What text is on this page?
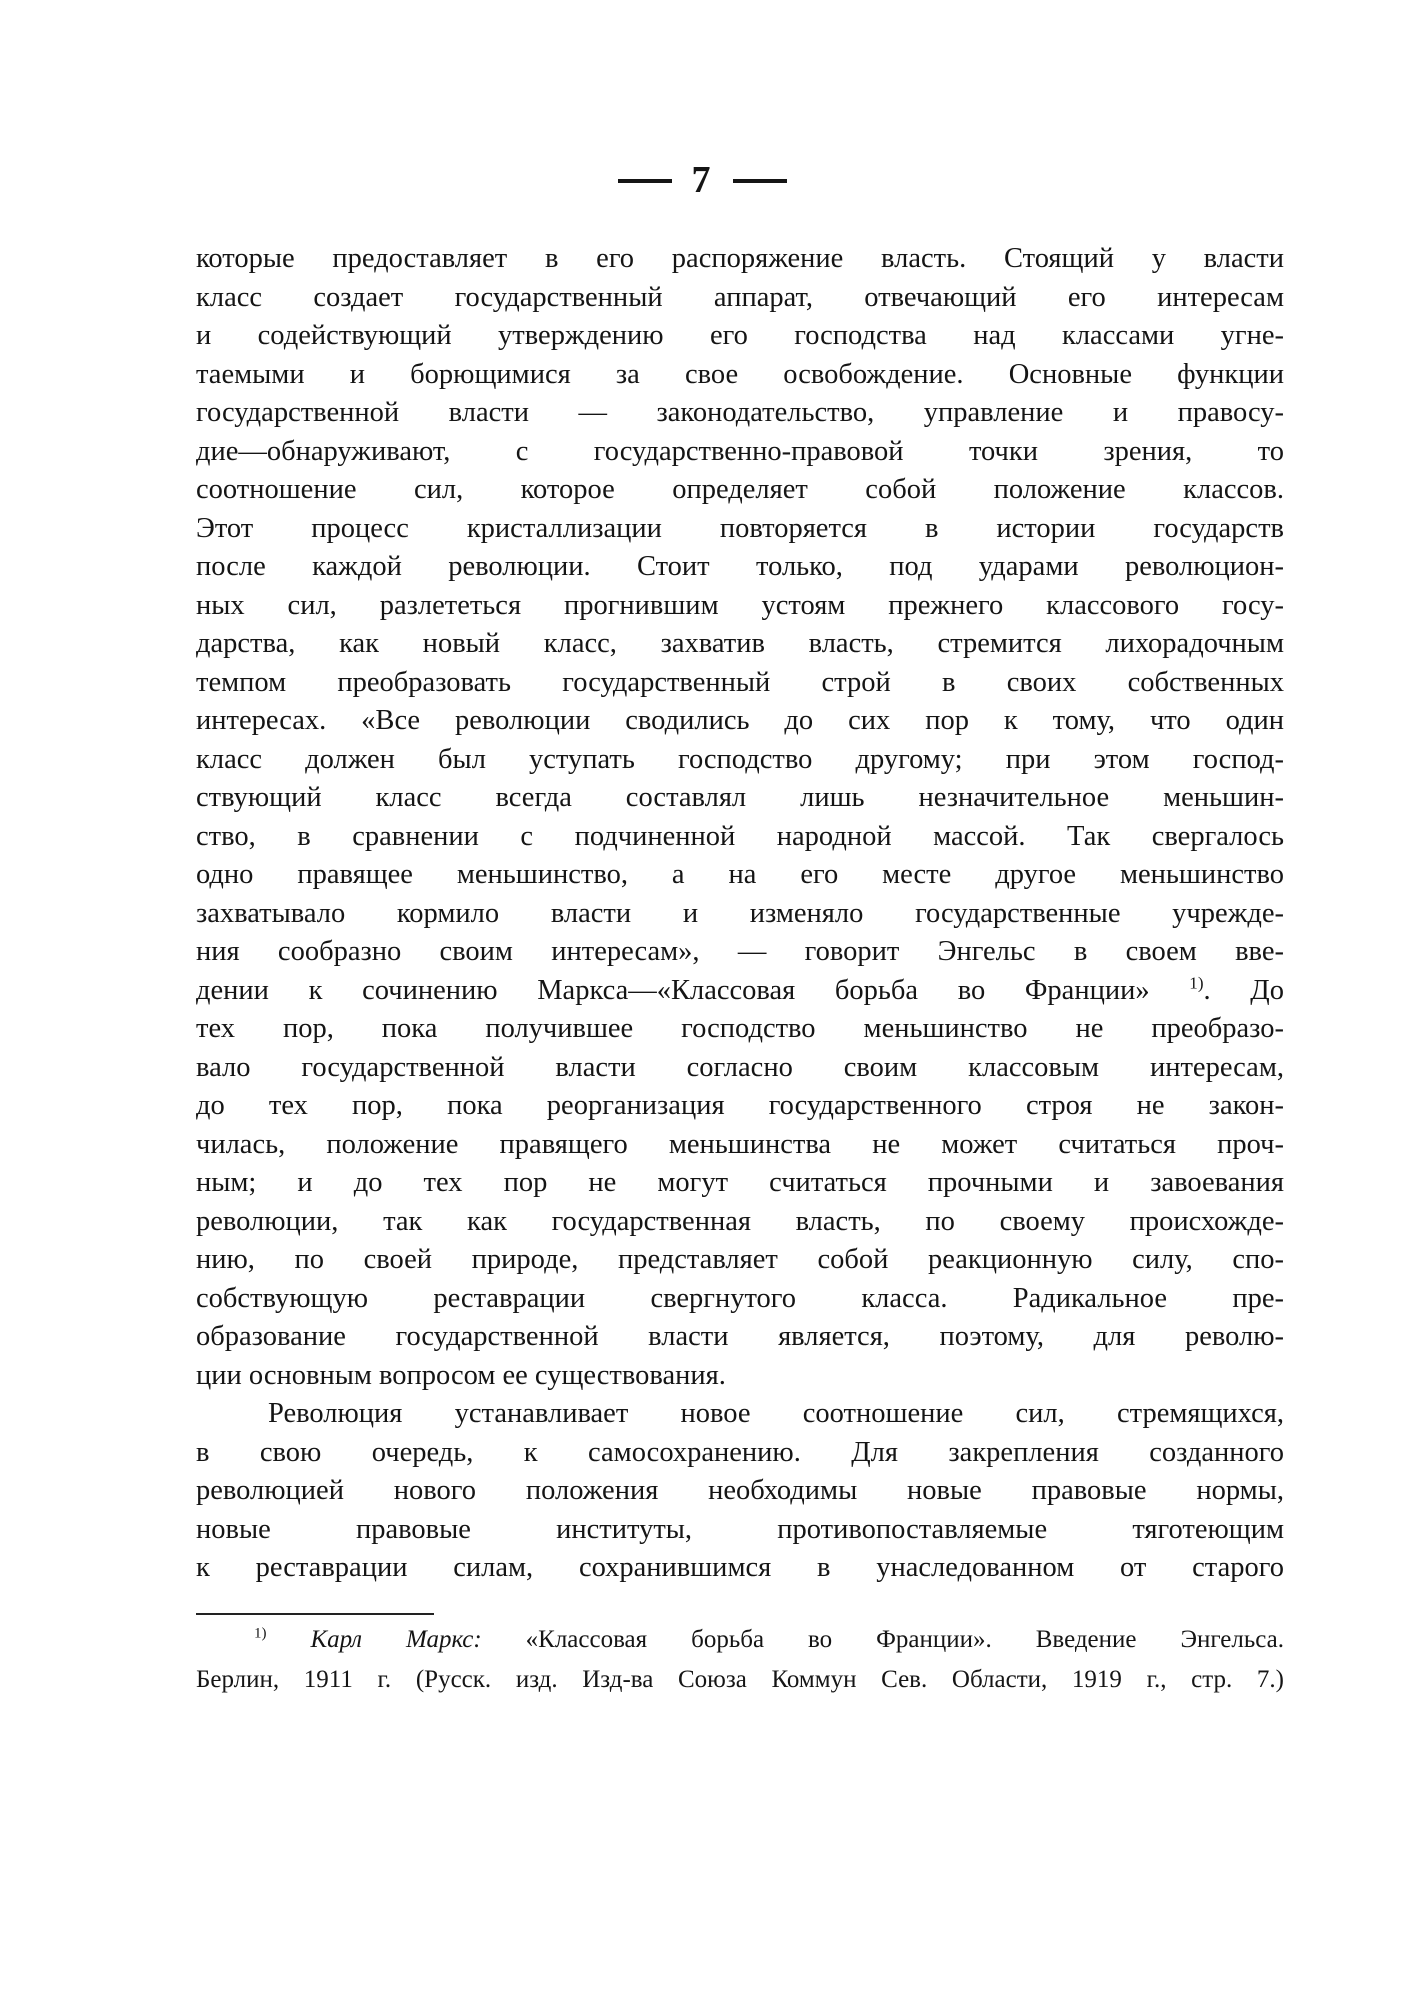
7
которые предоставляет в его распоряжение власть. Стоящий у власти
класс создает государственный аппарат, отвечающий его интересам
и содействующий утверждению его господства над классами угне-
таемыми и борющимися за свое освобождение. Основные функции
государственной власти — законодательство, управление и правосу-
дие—обнаруживают, с государственно-правовой точки зрения, то
соотношение сил, которое определяет собой положение классов.
Этот процесс кристаллизации повторяется в истории государств
после каждой революции. Стоит только, под ударами революцион-
ных сил, разлететься прогнившим устоям прежнего классового госу-
дарства, как новый класс, захватив власть, стремится лихорадочным
темпом преобразовать государственный строй в своих собственных
интересах. «Все революции сводились до сих пор к тому, что один
класс должен был уступать господство другому; при этом господ-
ствующий класс всегда составлял лишь незначительное меньшин-
ство, в сравнении с подчиненной народной массой. Так свергалось
одно правящее меньшинство, а на его месте другое меньшинство
захватывало кормило власти и изменяло государственные учрежде-
ния сообразно своим интересам», — говорит Энгельс в своем вве-
дении к сочинению Маркса—«Классовая борьба во Франции» $^{1)}$. До
тех пор, пока получившее господство меньшинство не преобразо-
вало государственной власти согласно своим классовым интересам,
до тех пор, пока реорганизация государственного строя не закон-
чилась, положение правящего меньшинства не может считаться проч-
ным; и до тех пор не могут считаться прочными и завоевания
революции, так как государственная власть, по своему происхожде-
нию, по своей природе, представляет собой реакционную силу, спо-
собствующую реставрации свергнутого класса. Радикальное пре-
образование государственной власти является, поэтому, для револю-
ции основным вопросом ее существования.
Революция устанавливает новое соотношение сил, стремящихся,
в свою очередь, к самосохранению. Для закрепления созданного
революцией нового положения необходимы новые правовые нормы,
новые правовые институты, противопоставляемые тяготеющим
к реставрации силам, сохранившимся в унаследованном от старого
$^{1)}$ Карл Маркс: «Классовая борьба во Франции». Введение Энгельса.
Берлин, 1911 г. (Русск. изд. Изд-ва Союза Коммун Сев. Области, 1919 г., стр. 7.)
